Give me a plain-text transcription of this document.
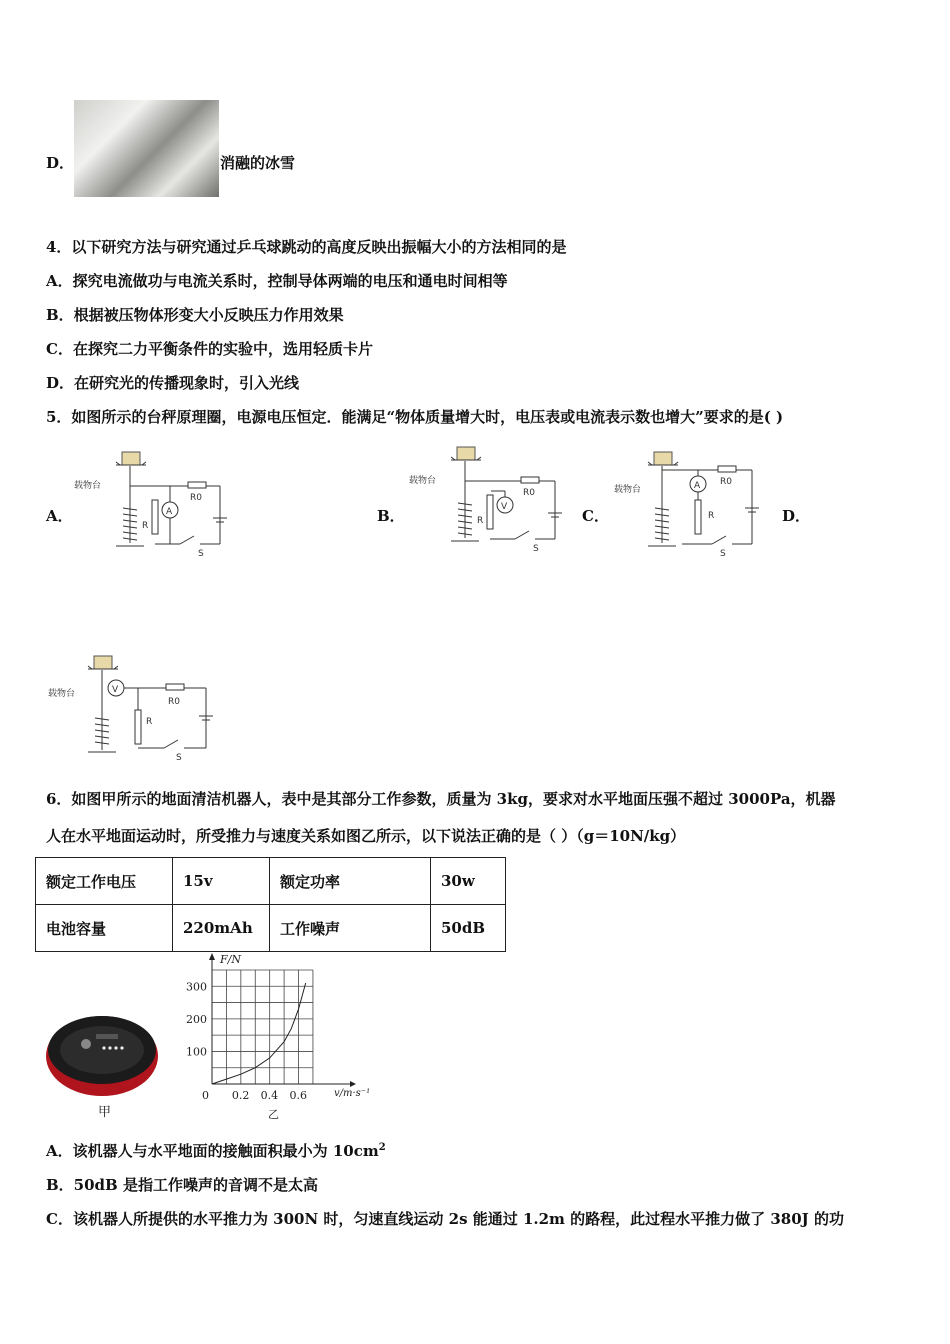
D．	消融的冰雪
4．以下研究方法与研究通过乒乓球跳动的高度反映出振幅大小的方法相同的是
A．探究电流做功与电流关系时，控制导体两端的电压和通电时间相等
B．根据被压物体形变大小反映压力作用效果
C．在探究二力平衡条件的实验中，选用轻质卡片
D．在研究光的传播现象时，引入光线
5．如图所示的台秤原理圈，电源电压恒定．能满足“物体质量增大时，电压表或电流表示数也增大”要求的是( )
A．	B．	C．	D．
载物台
R0
A
R
S
载物台
R0
V
R
S
载物台
R0
A
R
S
载物台	V
R0
R
S
6．如图甲所示的地面清洁机器人，表中是其部分工作参数，质量为 3kg，要求对水平地面压强不超过 3000Pa，机器
人在水平地面运动时，所受推力与速度关系如图乙所示，以下说法正确的是（ ）（g＝10N/kg）
额定工作电压	15v	额定功率	30w
电池容量	220mAh	工作噪声	50dB
甲
F/N
v/m·s⁻¹
0 0.2 0.4 0.6
100
200
300
乙
A．该机器人与水平地面的接触面积最小为 $10cm^2$
B．50dB 是指工作噪声的音调不是太高
C．该机器人所提供的水平推力为 300N 时，匀速直线运动 2s 能通过 1.2m 的路程，此过程水平推力做了 380J 的功
